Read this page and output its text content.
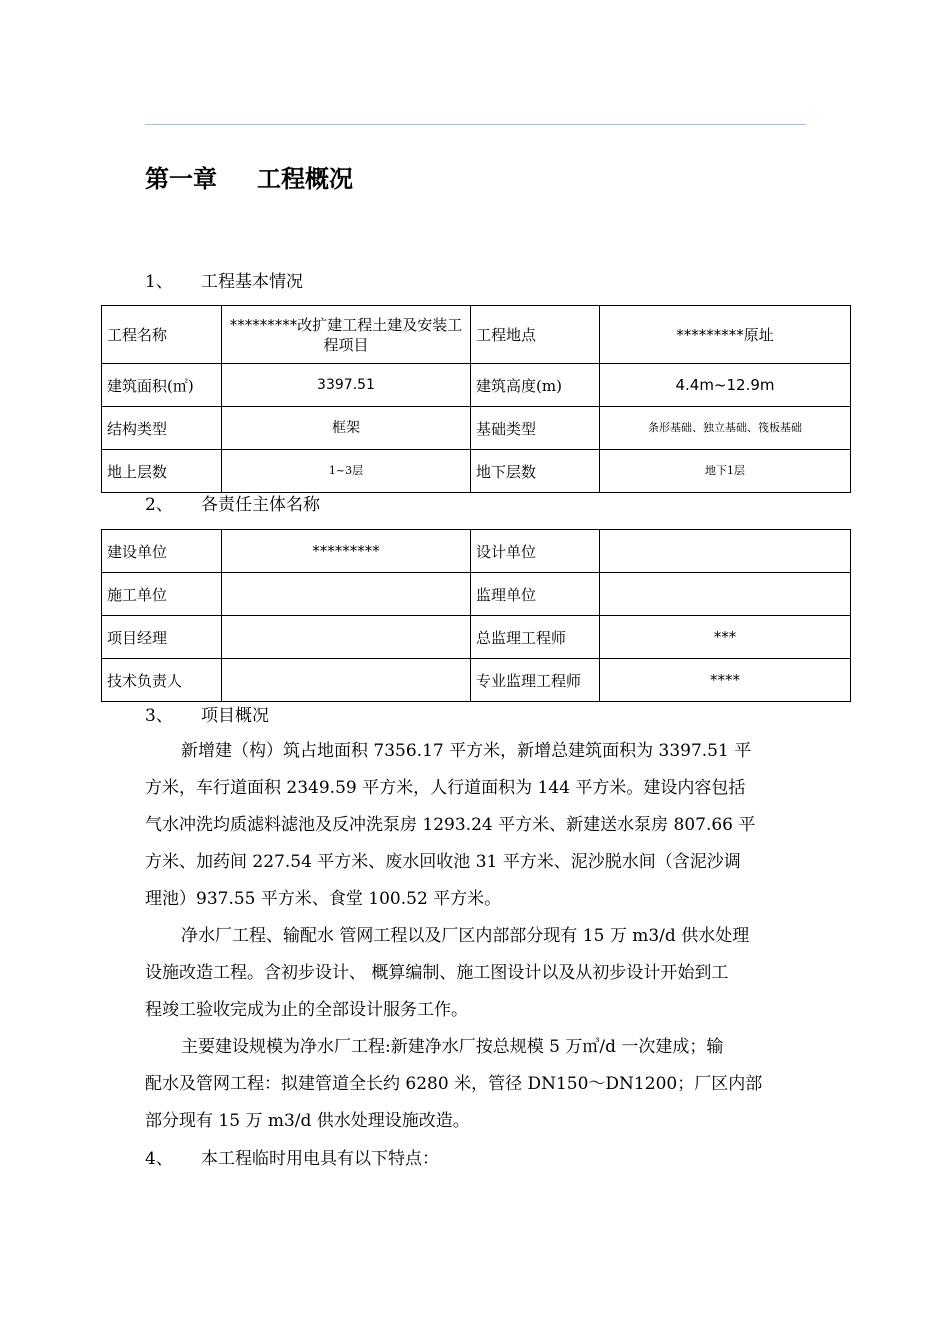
第一章 工程概况
1、 工程基本情况
工程名称	*********改扩建工程土建及安装工程项目	工程地点	*********原址
建筑面积(㎡)	3397.51	建筑高度(m)	4.4m~12.9m
结构类型	框架	基础类型	条形基础、独立基础、筏板基础
地上层数	1~3层	地下层数	地下1层
2、 各责任主体名称
建设单位	*********	设计单位	
施工单位		监理单位	
项目经理		总监理工程师	***
技术负责人		专业监理工程师	****
3、 项目概况
新增建（构）筑占地面积 7356.17 平方米，新增总建筑面积为 3397.51 平
方米，车行道面积 2349.59 平方米，人行道面积为 144 平方米。建设内容包括
气水冲洗均质滤料滤池及反冲洗泵房 1293.24 平方米、新建送水泵房 807.66 平
方米、加药间 227.54 平方米、废水回收池 31 平方米、泥沙脱水间（含泥沙调
理池）937.55 平方米、食堂 100.52 平方米。
净水厂工程、输配水 管网工程以及厂区内部部分现有 15 万 m3/d 供水处理
设施改造工程。含初步设计、 概算编制、施工图设计以及从初步设计开始到工
程竣工验收完成为止的全部设计服务工作。
主要建设规模为净水厂工程:新建净水厂按总规模 5 万㎥/d 一次建成；输
配水及管网工程：拟建管道全长约 6280 米，管径 DN150～DN1200；厂区内部
部分现有 15 万 m3/d 供水处理设施改造。
4、 本工程临时用电具有以下特点：
